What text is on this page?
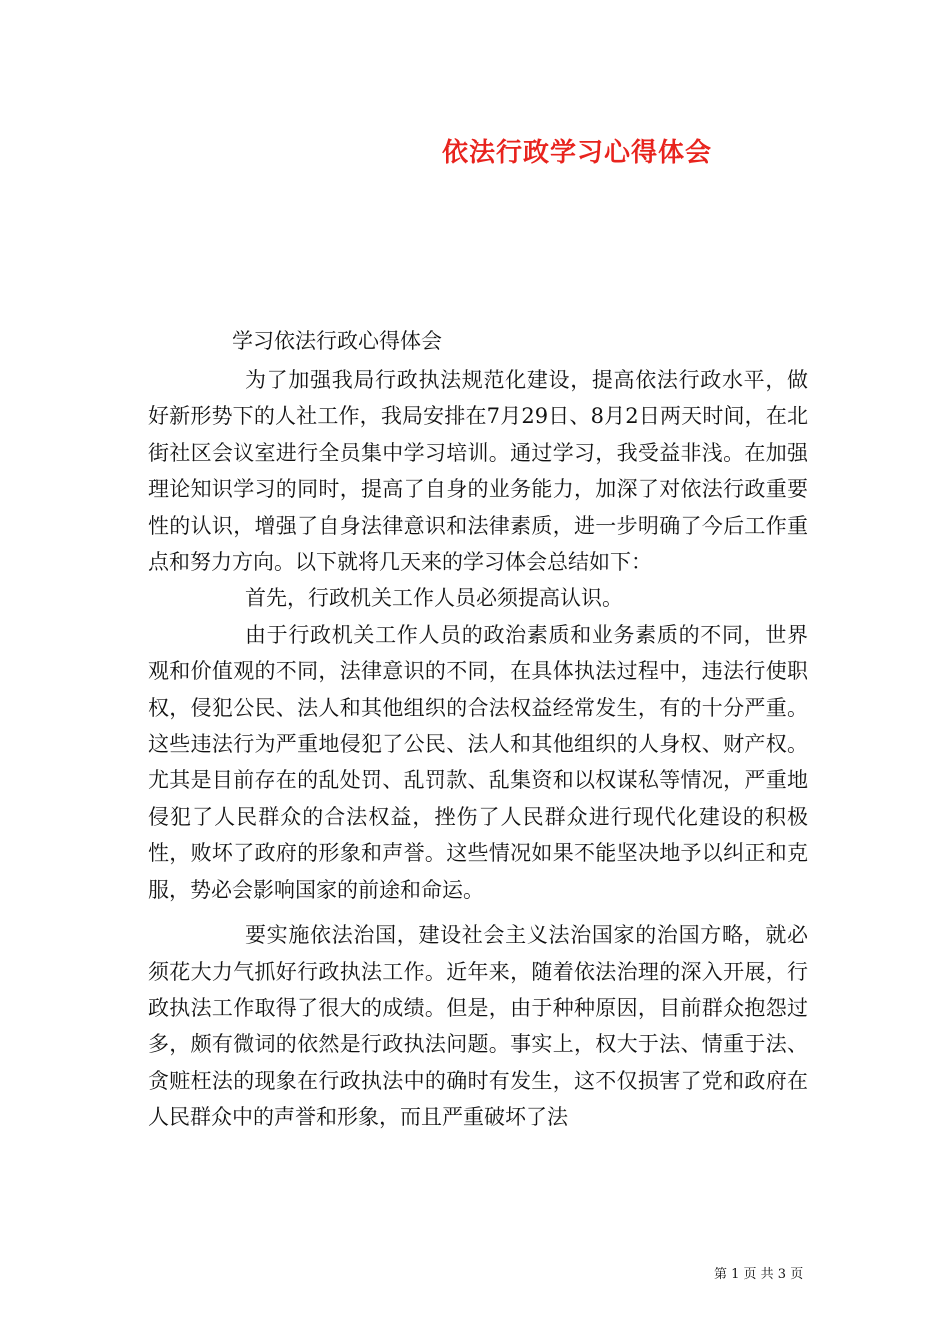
依法行政学习心得体会
学习依法行政心得体会

为了加强我局行政执法规范化建设，提高依法行政水平，做好新形势下的人社工作，我局安排在7月29日、8月2日两天时间，在北街社区会议室进行全员集中学习培训。通过学习，我受益非浅。在加强理论知识学习的同时，提高了自身的业务能力，加深了对依法行政重要性的认识，增强了自身法律意识和法律素质，进一步明确了今后工作重点和努力方向。以下就将几天来的学习体会总结如下：

首先，行政机关工作人员必须提高认识。

由于行政机关工作人员的政治素质和业务素质的不同，世界观和价值观的不同，法律意识的不同，在具体执法过程中，违法行使职权，侵犯公民、法人和其他组织的合法权益经常发生，有的十分严重。这些违法行为严重地侵犯了公民、法人和其他组织的人身权、财产权。尤其是目前存在的乱处罚、乱罚款、乱集资和以权谋私等情况，严重地侵犯了人民群众的合法权益，挫伤了人民群众进行现代化建设的积极性，败坏了政府的形象和声誉。这些情况如果不能坚决地予以纠正和克服，势必会影响国家的前途和命运。

要实施依法治国，建设社会主义法治国家的治国方略，就必须花大力气抓好行政执法工作。近年来，随着依法治理的深入开展，行政执法工作取得了很大的成绩。但是，由于种种原因，目前群众抱怨过多，颇有微词的依然是行政执法问题。事实上，权大于法、情重于法、贪赃枉法的现象在行政执法中的确时有发生，这不仅损害了党和政府在人民群众中的声誉和形象，而且严重破坏了法

第 1 页 共 3 页
